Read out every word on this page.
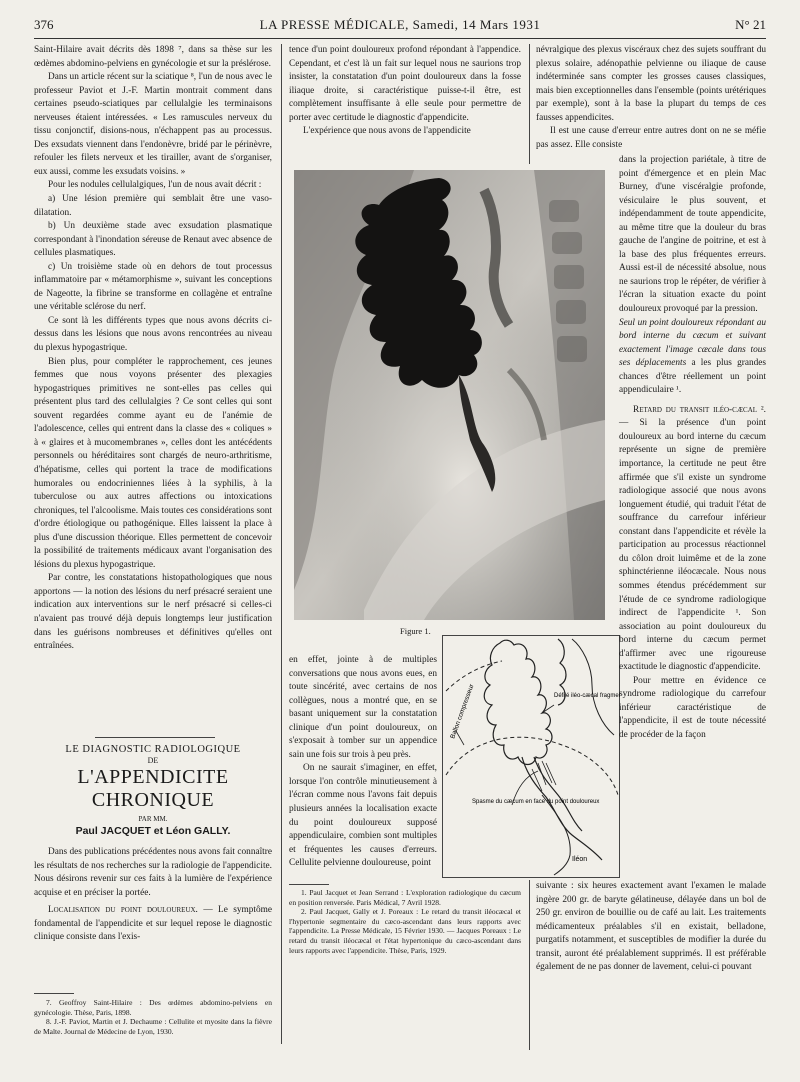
376	LA PRESSE MÉDICALE, Samedi, 14 Mars 1931	N° 21

Saint-Hilaire avait décrits dès 1898 ⁷, dans sa thèse sur les œdèmes abdomino-pelviens en gynécologie et sur la préslérose.

Dans un article récent sur la sciatique ⁸, l'un de nous avec le professeur Paviot et J.-F. Martin montrait comment dans certaines pseudo-sciatiques par cellulalgie les terminaisons nerveuses étaient intéressées. « Les ramuscules nerveux du tissu conjonctif, disions-nous, n'échappent pas au processus. Des exsudats viennent dans l'endonèvre, bridé par le périnèvre, refouler les filets nerveux et les tirailler, avant de s'organiser, eux aussi, comme les exsudats voisins. »

Pour les nodules cellulalgiques, l'un de nous avait décrit :

a) Une lésion première qui semblait être une vaso-dilatation.

b) Un deuxième stade avec exsudation plasmatique correspondant à l'inondation séreuse de Renaut avec absence de cellules plasmatiques.

c) Un troisième stade où en dehors de tout processus inflammatoire par « métamorphisme », suivant les conceptions de Nageotte, la fibrine se transforme en collagène et entraîne une véritable sclérose du nerf.

Ce sont là les différents types que nous avons décrits ci-dessus dans les lésions que nous avons rencontrées au niveau du plexus hypogastrique.

Bien plus, pour compléter le rapprochement, ces jeunes femmes que nous voyons présenter des plexagies hypogastriques primitives ne sont-elles pas celles qui présentent plus tard des cellulalgies ? Ce sont celles qui sont souvent regardées comme ayant eu de l'anémie de l'adolescence, celles qui entrent dans la classe des « coliques » à « glaires et à mucomembranes », celles dont les antécédents personnels ou héréditaires sont chargés de neuro-arthritisme, d'hépatisme, celles qui portent la trace de modifications humorales ou endocriniennes liées à la syphilis, à la tuberculose ou aux autres affections ou intoxications chroniques, tel l'alcoolisme. Mais toutes ces considérations sont d'ordre étiologique ou pathogénique. Elles laissent la place à plus d'une discussion théorique. Elles permettent de concevoir la possibilité de traitements médicaux avant l'organisation des lésions du plexus hypogastrique.

Par contre, les constatations histopathologiques que nous apportons — la notion des lésions du nerf présacré seraient une indication aux interventions sur le nerf présacré si celles-ci n'avaient pas trouvé déjà depuis longtemps leur justification dans les guérisons nombreuses et définitives qu'elles ont entraînées.

LE DIAGNOSTIC RADIOLOGIQUE
DE
L'APPENDICITE CHRONIQUE
PAR MM.
Paul JACQUET et Léon GALLY.

Dans des publications précédentes nous avons fait connaître les résultats de nos recherches sur la radiologie de l'appendicite. Nous désirons revenir sur ces faits à la lumière de l'expérience acquise et en préciser la portée.

Localisation du point douloureux. — Le symptôme fondamental de l'appendicite et sur lequel repose le diagnostic clinique consiste dans l'exis-

7. Geoffroy Saint-Hilaire : Des œdèmes abdomino-pelviens en gynécologie. Thèse, Paris, 1898.

8. J.-F. Paviot, Martin et J. Dechaume : Cellulite et myosite dans la fièvre de Malte. Journal de Médecine de Lyon, 1930.

tence d'un point douloureux profond répondant à l'appendice. Cependant, et c'est là un fait sur lequel nous ne saurions trop insister, la constatation d'un point douloureux dans la fosse iliaque droite, si caractéristique puisse-t-il être, est complètement insuffisante à elle seule pour permettre de porter avec certitude le diagnostic d'appendicite.

L'expérience que nous avons de l'appendicite

névralgique des plexus viscéraux chez des sujets souffrant du plexus solaire, adénopathie pelvienne ou iliaque de cause indéterminée sans compter les grosses causes classiques, mais bien exceptionnelles dans l'ensemble (points urétériques par exemple), sont à la base la plupart du temps de ces fausses appendicites.

Il est une cause d'erreur entre autres dont on ne se méfie pas assez. Elle consiste

Figure 1.

en effet, jointe à de multiples conversations que nous avons eues, en toute sincérité, avec certains de nos collègues, nous a montré que, en se basant uniquement sur la constatation clinique d'un point douloureux, on s'exposait à tomber sur un appendice sain une fois sur trois à peu près.

On ne saurait s'imaginer, en effet, lorsque l'on contrôle minutieusement à l'écran comme nous l'avons fait depuis plusieurs années la localisation exacte du point douloureux supposé appendiculaire, combien sont multiples et fréquentes les causes d'erreurs. Cellulite pelvienne douloureuse, point

Ballon compresseur	Défilé iléo-cæcal fragmenté
Spasme du cæcum en face du point douloureux
Iléon

dans la projection pariétale, à titre de point d'émergence et en plein Mac Burney, d'une viscéralgie profonde, vésiculaire le plus souvent, et indépendamment de toute appendicite, au même titre que la douleur du bras gauche de l'angine de poitrine, et est à la base des plus fréquentes erreurs. Aussi est-il de nécessité absolue, nous ne saurions trop le répéter, de vérifier à l'écran la situation exacte du point douloureux provoqué par la pression.

Seul un point douloureux répondant au bord interne du cæcum et suivant exactement l'image cæcale dans tous ses déplacements a les plus grandes chances d'être réellement un point appendiculaire ¹.

Retard du transit iléo-cæcal ². — Si la présence d'un point douloureux au bord interne du cæcum représente un signe de première importance, la certitude ne peut être affirmée que s'il existe un syndrome radiologique associé que nous avons longuement étudié, qui traduit l'état de souffrance du carrefour inférieur constant dans l'appendicite et révèle la participation au processus réactionnel du côlon droit luimême et de la zone sphinctérienne iléocæcale. Nous nous sommes étendus précédemment sur l'étude de ce syndrome radiologique indirect de l'appendicite ¹. Son association au point douloureux du bord interne du cæcum permet d'affirmer avec une rigoureuse exactitude le diagnostic d'appendicite.

Pour mettre en évidence ce syndrome radiologique du carrefour inférieur caractéristique de l'appendicite, il est de toute nécessité de procéder de la façon

1. Paul Jacquet et Jean Serrand : L'exploration radiologique du cæcum en position renversée. Paris Médical, 7 Avril 1928.

2. Paul Jacquet, Gally et J. Poreaux : Le retard du transit iléocæcal et l'hypertonie segmentaire du cæco-ascendant dans leurs rapports avec l'appendicite. La Presse Médicale, 15 Février 1930. — Jacques Poreaux : Le retard du transit iléocæcal et l'état hypertonique du cæco-ascendant dans leurs rapports avec l'appendicite. Thèse, Paris, 1929.

suivante : six heures exactement avant l'examen le malade ingère 200 gr. de baryte gélatineuse, délayée dans un bol de 250 gr. environ de bouillie ou de café au lait. Les traitements médicamenteux préalables s'il en existait, belladone, purgatifs notamment, et susceptibles de modifier la durée du transit, auront été préalablement supprimés. Il est préférable également de ne pas donner de lavement, celui-ci pouvant
